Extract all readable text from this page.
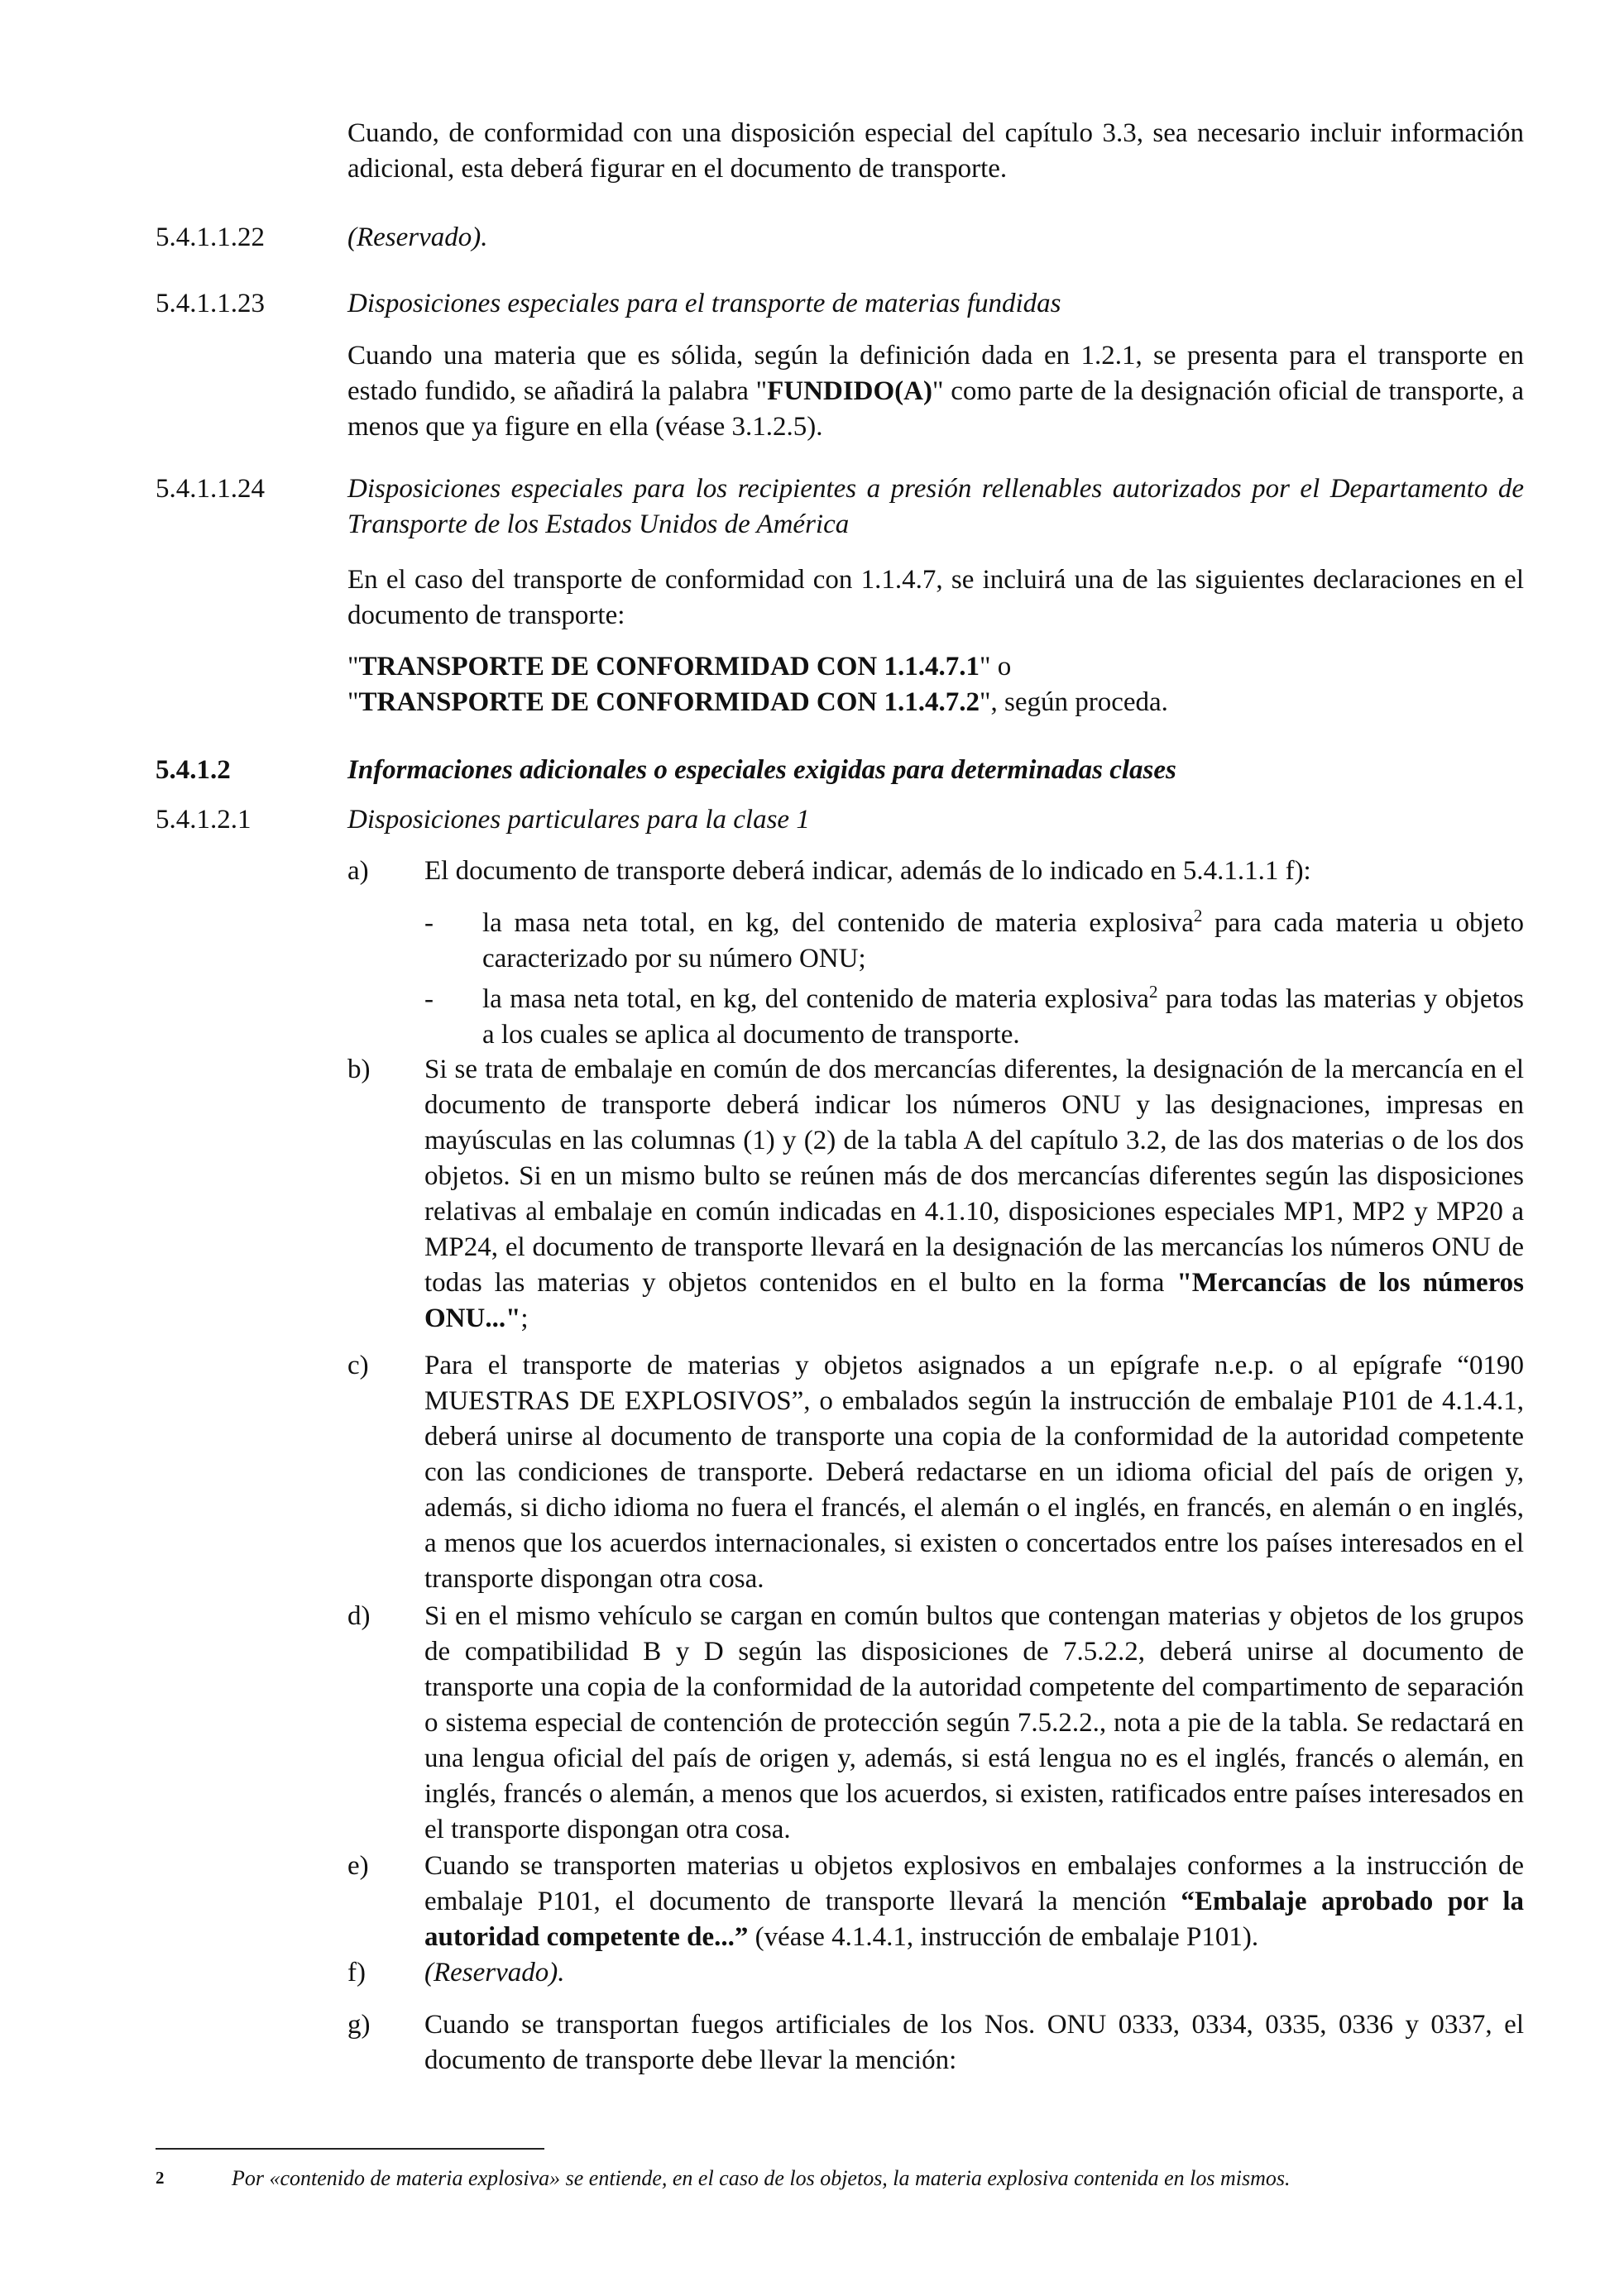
Cuando, de conformidad con una disposición especial del capítulo 3.3, sea necesario incluir información adicional, esta deberá figurar en el documento de transporte.

5.4.1.1.22	(Reservado).
5.4.1.1.23	Disposiciones especiales para el transporte de materias fundidas

Cuando una materia que es sólida, según la definición dada en 1.2.1, se presenta para el transporte en estado fundido, se añadirá la palabra "FUNDIDO(A)" como parte de la designación oficial de transporte, a menos que ya figure en ella (véase 3.1.2.5).

5.4.1.1.24	Disposiciones especiales para los recipientes a presión rellenables autorizados por el Departamento de Transporte de los Estados Unidos de América

En el caso del transporte de conformidad con 1.1.4.7, se incluirá una de las siguientes declaraciones en el documento de transporte:

"TRANSPORTE DE CONFORMIDAD CON 1.1.4.7.1" o
"TRANSPORTE DE CONFORMIDAD CON 1.1.4.7.2", según proceda.
5.4.1.2	Informaciones adicionales o especiales exigidas para determinadas clases
5.4.1.2.1	Disposiciones particulares para la clase 1
a) El documento de transporte deberá indicar, además de lo indicado en 5.4.1.1.1 f):
- la masa neta total, en kg, del contenido de materia explosiva$^2$ para cada materia u objeto caracterizado por su número ONU;
- la masa neta total, en kg, del contenido de materia explosiva$^2$ para todas las materias y objetos a los cuales se aplica al documento de transporte.
b) Si se trata de embalaje en común de dos mercancías diferentes, la designación de la mercancía en el documento de transporte deberá indicar los números ONU y las designaciones, impresas en mayúsculas en las columnas (1) y (2) de la tabla A del capítulo 3.2, de las dos materias o de los dos objetos. Si en un mismo bulto se reúnen más de dos mercancías diferentes según las disposiciones relativas al embalaje en común indicadas en 4.1.10, disposiciones especiales MP1, MP2 y MP20 a MP24, el documento de transporte llevará en la designación de las mercancías los números ONU de todas las materias y objetos contenidos en el bulto en la forma "Mercancías de los números ONU...";
c) Para el transporte de materias y objetos asignados a un epígrafe n.e.p. o al epígrafe “0190 MUESTRAS DE EXPLOSIVOS”, o embalados según la instrucción de embalaje P101 de 4.1.4.1, deberá unirse al documento de transporte una copia de la conformidad de la autoridad competente con las condiciones de transporte. Deberá redactarse en un idioma oficial del país de origen y, además, si dicho idioma no fuera el francés, el alemán o el inglés, en francés, en alemán o en inglés, a menos que los acuerdos internacionales, si existen o concertados entre los países interesados en el transporte dispongan otra cosa.
d) Si en el mismo vehículo se cargan en común bultos que contengan materias y objetos de los grupos de compatibilidad B y D según las disposiciones de 7.5.2.2, deberá unirse al documento de transporte una copia de la conformidad de la autoridad competente del compartimento de separación o sistema especial de contención de protección según 7.5.2.2., nota a pie de la tabla. Se redactará en una lengua oficial del país de origen y, además, si está lengua no es el inglés, francés o alemán, en inglés, francés o alemán, a menos que los acuerdos, si existen, ratificados entre países interesados en el transporte dispongan otra cosa.
e) Cuando se transporten materias u objetos explosivos en embalajes conformes a la instrucción de embalaje P101, el documento de transporte llevará la mención “Embalaje aprobado por la autoridad competente de...” (véase 4.1.4.1, instrucción de embalaje P101).
f) (Reservado).
g) Cuando se transportan fuegos artificiales de los Nos. ONU 0333, 0334, 0335, 0336 y 0337, el documento de transporte debe llevar la mención:
2	Por «contenido de materia explosiva» se entiende, en el caso de los objetos, la materia explosiva contenida en los mismos.
